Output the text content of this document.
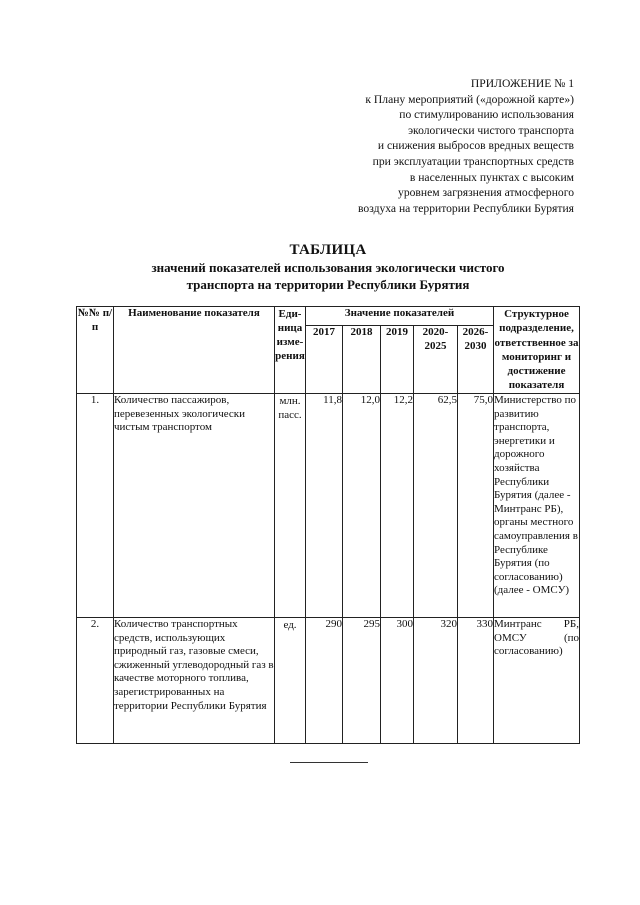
ПРИЛОЖЕНИЕ № 1
к Плану мероприятий («дорожной карте»)
по стимулированию использования
экологически чистого транспорта
и снижения выбросов вредных веществ
при эксплуатации транспортных средств
в населенных пунктах с высоким
уровнем загрязнения атмосферного
воздуха на территории Республики Бурятия
ТАБЛИЦА
значений показателей использования экологически чистого
транспорта на территории Республики Бурятия
№№ п/п	Наименование показателя	Еди-ница изме-рения	Значение показателей					Структурное подразделение, ответственное за мониторинг и достижение показателя
			2017	2018	2019	2020-2025	2026-2030	
1.	Количество пассажиров, перевезенных экологически чистым транспортом	млн. пасс.	11,8	12,0	12,2	62,5	75,0	Министерство по развитию транспорта, энергетики и дорожного хозяйства Республики Бурятия (далее - Минтранс РБ), органы местного самоуправления в Республике Бурятия (по согласованию) (далее - ОМСУ)
2.	Количество транспортных средств, использующих природный газ, газовые смеси, сжиженный углеводородный газ в качестве моторного топлива, зарегистрированных на территории Республики Бурятия	ед.	290	295	300	320	330	Минтранс РБ, ОМСУ (по согласованию)
